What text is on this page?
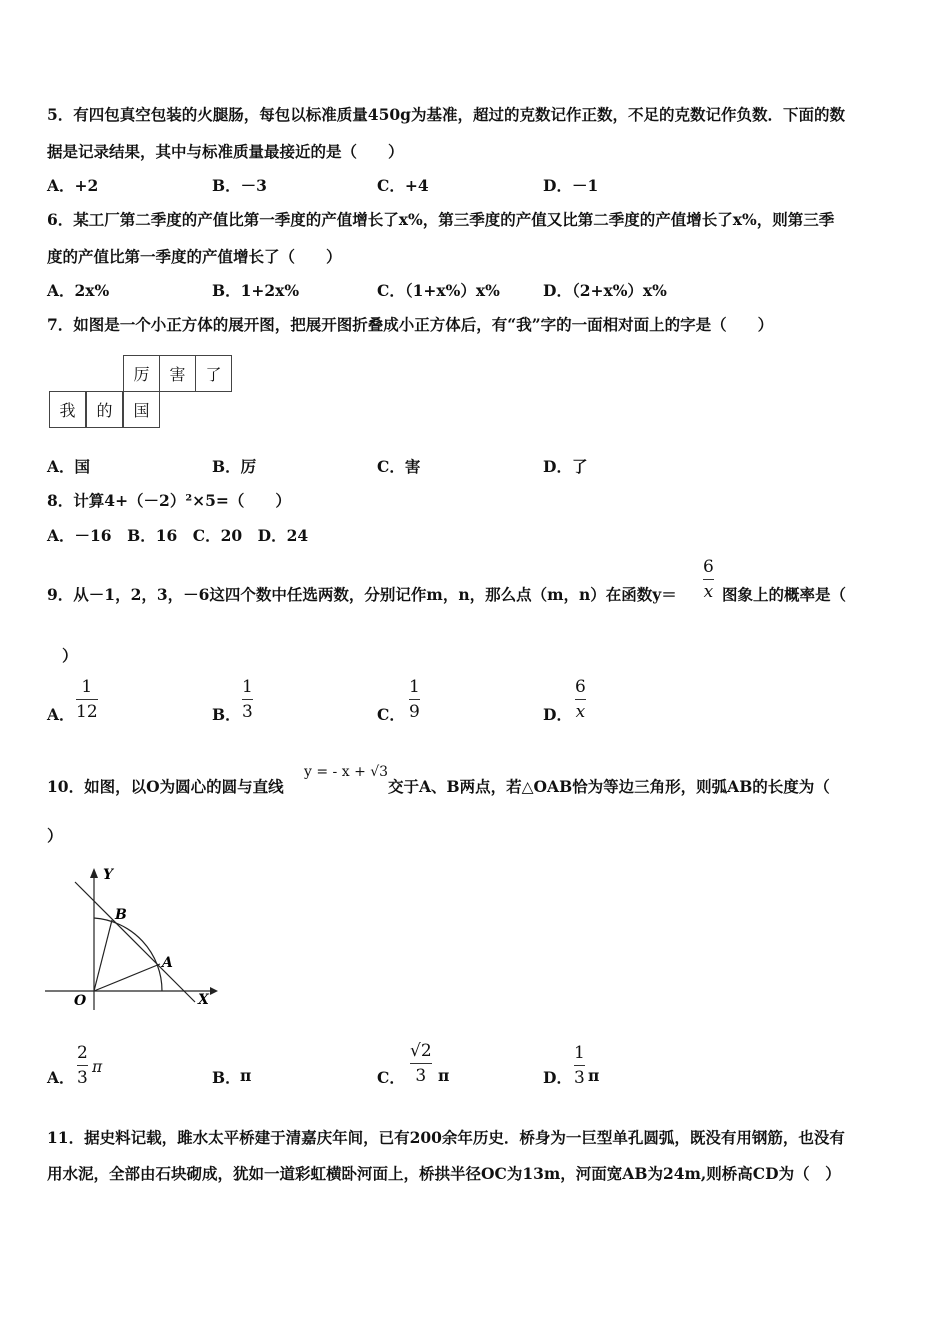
5．有四包真空包装的火腿肠，每包以标准质量450g为基准，超过的克数记作正数，不足的克数记作负数．下面的数
据是记录结果，其中与标准质量最接近的是（　　）
A．+2	B．－3	C．+4	D．－1
6．某工厂第二季度的产值比第一季度的产值增长了x%，第三季度的产值又比第二季度的产值增长了x%，则第三季
度的产值比第一季度的产值增长了（　　）
A．2x%	B．1+2x%	C．（1+x%）x%	D．（2+x%）x%
7．如图是一个小正方体的展开图，把展开图折叠成小正方体后，有“我”字的一面相对面上的字是（　　）
厉	害	了
我	的	国
A．国	B．厉	C．害	D．了
8．计算4+（－2）²×5=（　　）
A．－16　B．16　C．20　D．24
9．从－1，2，3，－6这四个数中任选两数，分别记作m，n，那么点（m，n）在函数y＝
6
x 图象上的概率是（
）
A．
1
12	B．
1
3	C．
1
9	D．
6
x
10．如图，以O为圆心的圆与直线
y = - x + √3
交于A、B两点，若△OAB恰为等边三角形，则弧AB的长度为（
）
Y
X
O
A
B
A．
2
3
π
B． π	C．
√2
3 π	D．
1
3 π
11．据史料记载，雎水太平桥建于清嘉庆年间，已有200余年历史．桥身为一巨型单孔圆弧，既没有用钢筋，也没有
用水泥，全部由石块砌成，犹如一道彩虹横卧河面上，桥拱半径OC为13m，河面宽AB为24m,则桥高CD为（　）
